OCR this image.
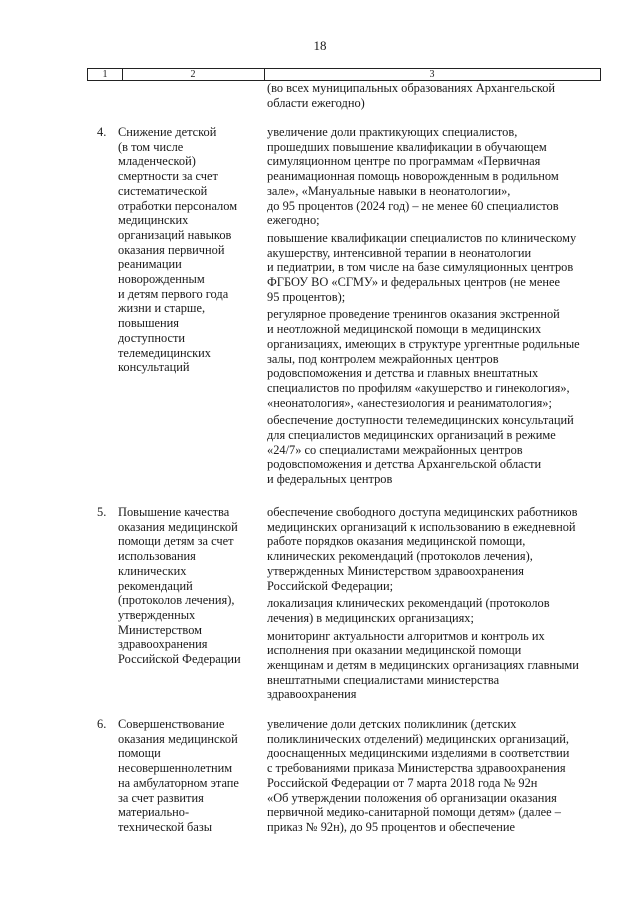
18
1	2	3
(во всех муниципальных образованиях Архангельской
области ежегодно)
4. Снижение детской
(в том числе
младенческой)
смертности за счет
систематической
отработки персоналом
медицинских
организаций навыков
оказания первичной
реанимации
новорожденным
и детям первого года
жизни и старше,
повышения
доступности
телемедицинских
консультаций
увеличение доли практикующих специалистов,
прошедших повышение квалификации в обучающем
симуляционном центре по программам «Первичная
реанимационная помощь новорожденным в родильном
зале», «Мануальные навыки в неонатологии»,
до 95 процентов (2024 год) – не менее 60 специалистов
ежегодно;
повышение квалификации специалистов по клиническому
акушерству, интенсивной терапии в неонатологии
и педиатрии, в том числе на базе симуляционных центров
ФГБОУ ВО «СГМУ» и федеральных центров (не менее
95 процентов);
регулярное проведение тренингов оказания экстренной
и неотложной медицинской помощи в медицинских
организациях, имеющих в структуре ургентные родильные
залы, под контролем межрайонных центров
родовспоможения и детства и главных внештатных
специалистов по профилям «акушерство и гинекология»,
«неонатология», «анестезиология и реаниматология»;
обеспечение доступности телемедицинских консультаций
для специалистов медицинских организаций в режиме
«24/7» со специалистами межрайонных центров
родовспоможения и детства Архангельской области
и федеральных центров
5. Повышение качества
оказания медицинской
помощи детям за счет
использования
клинических
рекомендаций
(протоколов лечения),
утвержденных
Министерством
здравоохранения
Российской Федерации
обеспечение свободного доступа медицинских работников
медицинских организаций к использованию в ежедневной
работе порядков оказания медицинской помощи,
клинических рекомендаций (протоколов лечения),
утвержденных Министерством здравоохранения
Российской Федерации;
локализация клинических рекомендаций (протоколов
лечения) в медицинских организациях;
мониторинг актуальности алгоритмов и контроль их
исполнения при оказании медицинской помощи
женщинам и детям в медицинских организациях главными
внештатными специалистами министерства
здравоохранения
6. Совершенствование
оказания медицинской
помощи
несовершеннолетним
на амбулаторном этапе
за счет развития
материально-
технической базы
увеличение доли детских поликлиник (детских
поликлинических отделений) медицинских организаций,
дооснащенных медицинскими изделиями в соответствии
с требованиями приказа Министерства здравоохранения
Российской Федерации от 7 марта 2018 года № 92н
«Об утверждении положения об организации оказания
первичной медико-санитарной помощи детям» (далее –
приказ № 92н), до 95 процентов и обеспечение
